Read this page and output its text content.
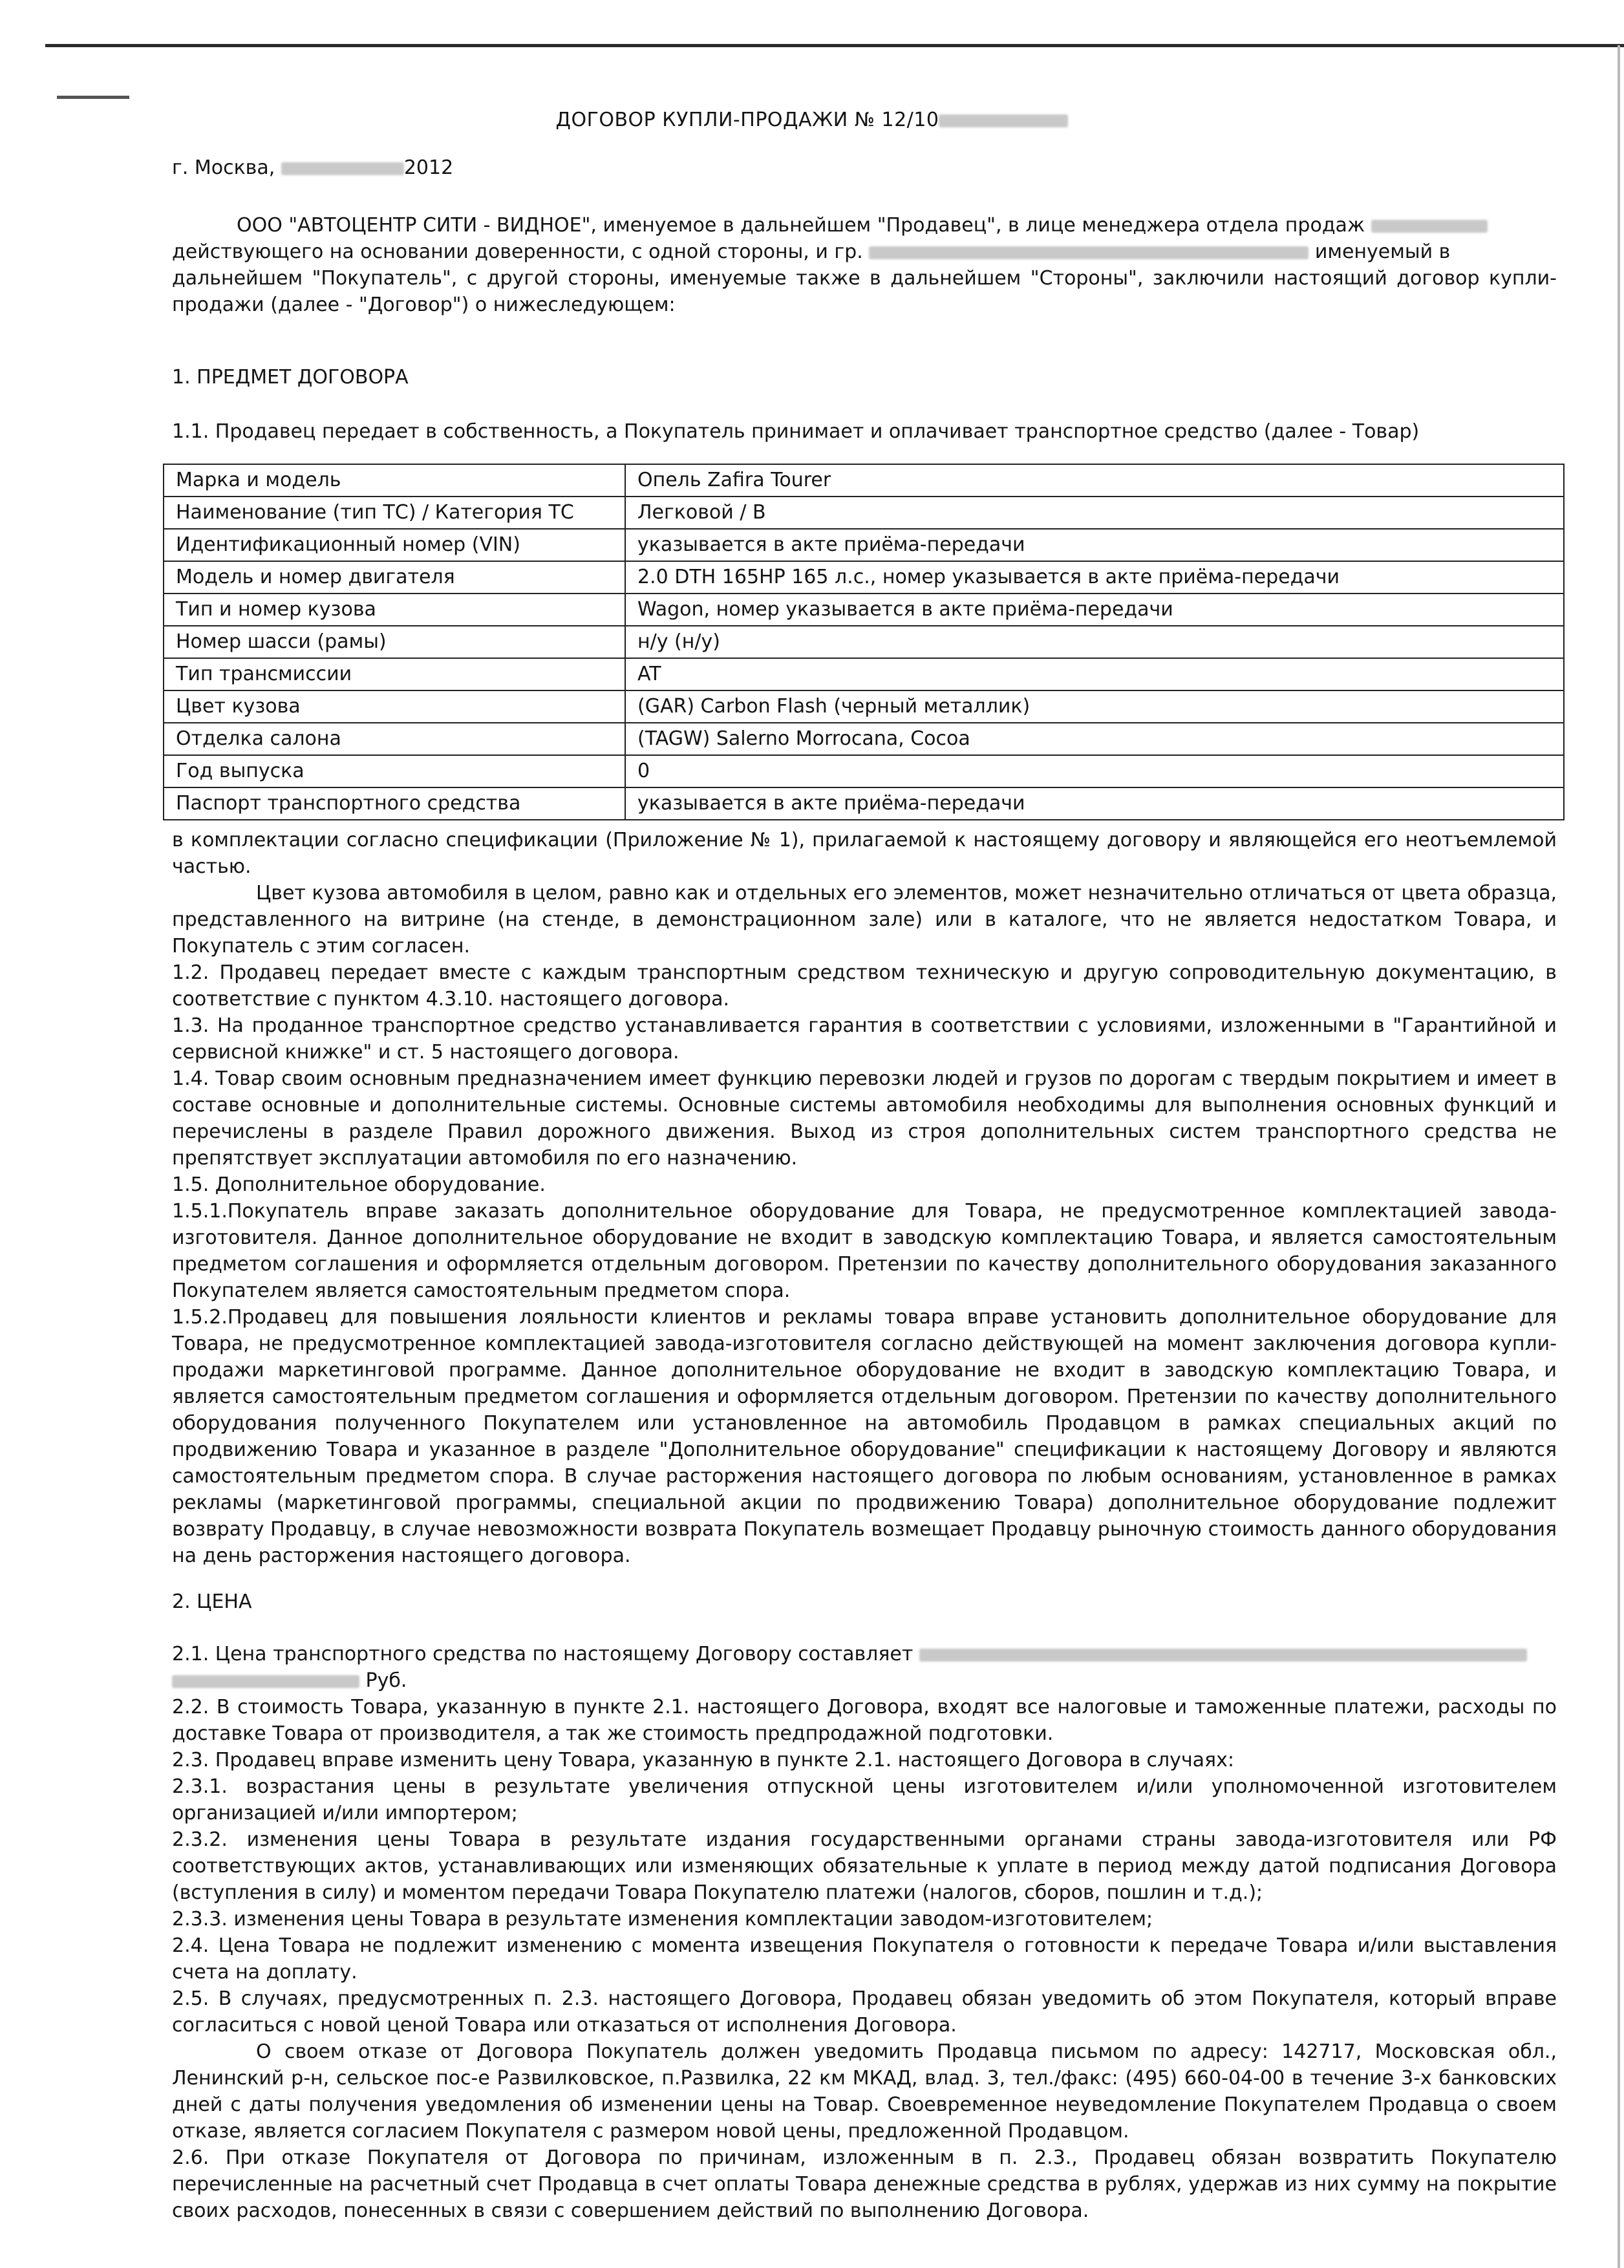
ДОГОВОР КУПЛИ-ПРОДАЖИ № 12/10
г. Москва,	2012

ООО "АВТОЦЕНТР СИТИ - ВИДНОЕ", именуемое в дальнейшем "Продавец", в лице менеджера отдела продаж

действующего на основании доверенности, с одной стороны, и гр.	именуемый в

дальнейшем "Покупатель", с другой стороны, именуемые также в дальнейшем "Стороны", заключили настоящий договор купли-продажи (далее - "Договор") о нижеследующем:

1. ПРЕДМЕТ ДОГОВОРА
1.1. Продавец передает в собственность, а Покупатель принимает и оплачивает транспортное средство (далее - Товар)
Марка и модель	Опель Zafira Tourer
Наименование (тип ТС) / Категория ТС	Легковой / B
Идентификационный номер (VIN)	указывается в акте приёма-передачи
Модель и номер двигателя	2.0 DTH 165HP 165 л.с., номер указывается в акте приёма-передачи
Тип и номер кузова	Wagon, номер указывается в акте приёма-передачи
Номер шасси (рамы)	н/у (н/у)
Тип трансмиссии	AT
Цвет кузова	(GAR) Carbon Flash (черный металлик)
Отделка салона	(TAGW) Salerno Morrocana, Cocoa
Год выпуска	0
Паспорт транспортного средства	указывается в акте приёма-передачи

в комплектации согласно спецификации (Приложение № 1), прилагаемой к настоящему договору и являющейся его неотъемлемой частью.

Цвет кузова автомобиля в целом, равно как и отдельных его элементов, может незначительно отличаться от цвета образца, представленного на витрине (на стенде, в демонстрационном зале) или в каталоге, что не является недостатком Товара, и Покупатель с этим согласен.

1.2. Продавец передает вместе с каждым транспортным средством техническую и другую сопроводительную документацию, в соответствие с пунктом 4.3.10. настоящего договора.

1.3. На проданное транспортное средство устанавливается гарантия в соответствии с условиями, изложенными в "Гарантийной и сервисной книжке" и ст. 5 настоящего договора.

1.4. Товар своим основным предназначением имеет функцию перевозки людей и грузов по дорогам с твердым покрытием и имеет в составе основные и дополнительные системы. Основные системы автомобиля необходимы для выполнения основных функций и перечислены в разделе Правил дорожного движения. Выход из строя дополнительных систем транспортного средства не препятствует эксплуатации автомобиля по его назначению.

1.5. Дополнительное оборудование.

1.5.1.Покупатель вправе заказать дополнительное оборудование для Товара, не предусмотренное комплектацией завода-изготовителя. Данное дополнительное оборудование не входит в заводскую комплектацию Товара, и является самостоятельным предметом соглашения и оформляется отдельным договором. Претензии по качеству дополнительного оборудования заказанного Покупателем является самостоятельным предметом спора.

1.5.2.Продавец для повышения лояльности клиентов и рекламы товара вправе установить дополнительное оборудование для Товара, не предусмотренное комплектацией завода-изготовителя согласно действующей на момент заключения договора купли-продажи маркетинговой программе. Данное дополнительное оборудование не входит в заводскую комплектацию Товара, и является самостоятельным предметом соглашения и оформляется отдельным договором. Претензии по качеству дополнительного оборудования полученного Покупателем или установленное на автомобиль Продавцом в рамках специальных акций по продвижению Товара и указанное в разделе "Дополнительное оборудование" спецификации к настоящему Договору и являются самостоятельным предметом спора. В случае расторжения настоящего договора по любым основаниям, установленное в рамках рекламы (маркетинговой программы, специальной акции по продвижению Товара) дополнительное оборудование подлежит возврату Продавцу, в случае невозможности возврата Покупатель возмещает Продавцу рыночную стоимость данного оборудования на день расторжения настоящего договора.

2. ЦЕНА

2.1. Цена транспортного средства по настоящему Договору составляет

Руб.

2.2. В стоимость Товара, указанную в пункте 2.1. настоящего Договора, входят все налоговые и таможенные платежи, расходы по доставке Товара от производителя, а так же стоимость предпродажной подготовки.

2.3. Продавец вправе изменить цену Товара, указанную в пункте 2.1. настоящего Договора в случаях:

2.3.1. возрастания цены в результате увеличения отпускной цены изготовителем и/или уполномоченной изготовителем организацией и/или импортером;

2.3.2. изменения цены Товара в результате издания государственными органами страны завода-изготовителя или РФ соответствующих актов, устанавливающих или изменяющих обязательные к уплате в период между датой подписания Договора (вступления в силу) и моментом передачи Товара Покупателю платежи (налогов, сборов, пошлин и т.д.);

2.3.3. изменения цены Товара в результате изменения комплектации заводом-изготовителем;

2.4. Цена Товара не подлежит изменению с момента извещения Покупателя о готовности к передаче Товара и/или выставления счета на доплату.

2.5. В случаях, предусмотренных п. 2.3. настоящего Договора, Продавец обязан уведомить об этом Покупателя, который вправе согласиться с новой ценой Товара или отказаться от исполнения Договора.

О своем отказе от Договора Покупатель должен уведомить Продавца письмом по адресу: 142717, Московская обл., Ленинский р-н, сельское пос-е Развилковское, п.Развилка, 22 км МКАД, влад. 3, тел./факс: (495) 660-04-00 в течение 3-х банковских дней с даты получения уведомления об изменении цены на Товар. Своевременное неуведомление Покупателем Продавца о своем отказе, является согласием Покупателя с размером новой цены, предложенной Продавцом.

2.6. При отказе Покупателя от Договора по причинам, изложенным в п. 2.3., Продавец обязан возвратить Покупателю перечисленные на расчетный счет Продавца в счет оплаты Товара денежные средства в рублях, удержав из них сумму на покрытие своих расходов, понесенных в связи с совершением действий по выполнению Договора.
